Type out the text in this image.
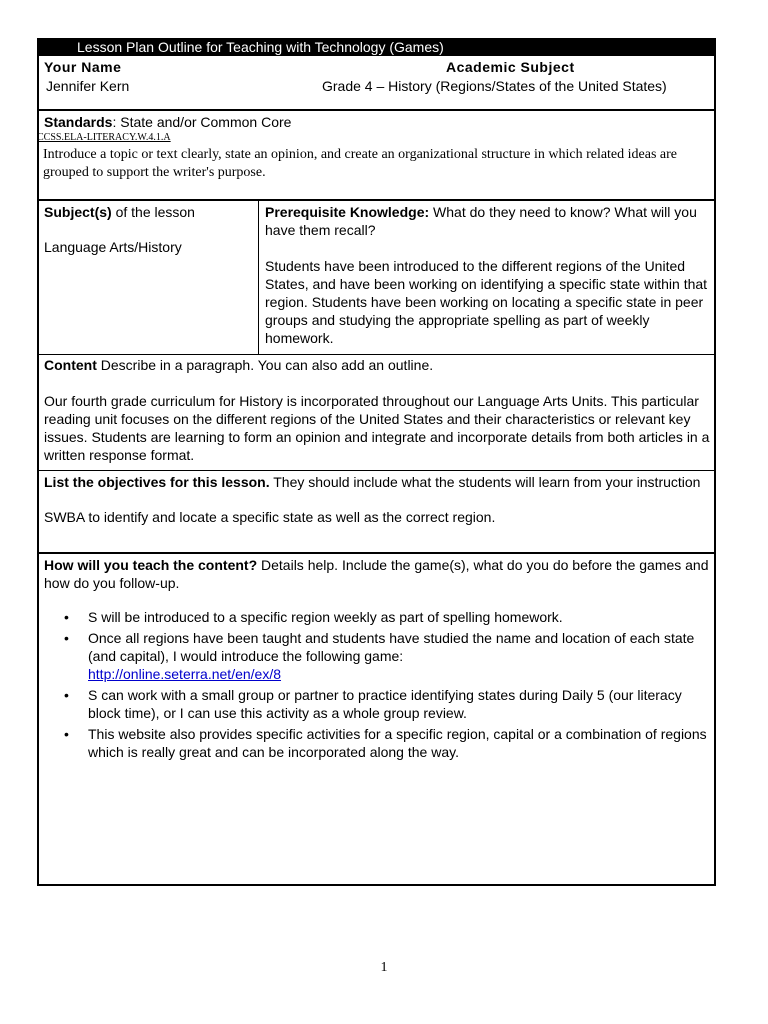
Lesson Plan Outline for Teaching with Technology (Games)
Your Name	Academic Subject
Jennifer Kern	Grade 4 – History (Regions/States of the United States)
Standards: State and/or Common Core
CCSS.ELA-LITERACY.W.4.1.A
Introduce a topic or text clearly, state an opinion, and create an organizational structure in which related ideas are grouped to support the writer's purpose.
Subject(s) of the lesson
Language Arts/History
Prerequisite Knowledge: What do they need to know? What will you have them recall?
Students have been introduced to the different regions of the United States, and have been working on identifying a specific state within that region. Students have been working on locating a specific state in peer groups and studying the appropriate spelling as part of weekly homework.
Content Describe in a paragraph. You can also add an outline.
Our fourth grade curriculum for History is incorporated throughout our Language Arts Units. This particular reading unit focuses on the different regions of the United States and their characteristics or relevant key issues. Students are learning to form an opinion and integrate and incorporate details from both articles in a written response format.
List the objectives for this lesson. They should include what the students will learn from your instruction
SWBA to identify and locate a specific state as well as the correct region.
How will you teach the content? Details help. Include the game(s), what do you do before the games and how do you follow-up.
• S will be introduced to a specific region weekly as part of spelling homework.
• Once all regions have been taught and students have studied the name and location of each state (and capital), I would introduce the following game:
http://online.seterra.net/en/ex/8
• S can work with a small group or partner to practice identifying states during Daily 5 (our literacy block time), or I can use this activity as a whole group review.
• This website also provides specific activities for a specific region, capital or a combination of regions which is really great and can be incorporated along the way.
1
